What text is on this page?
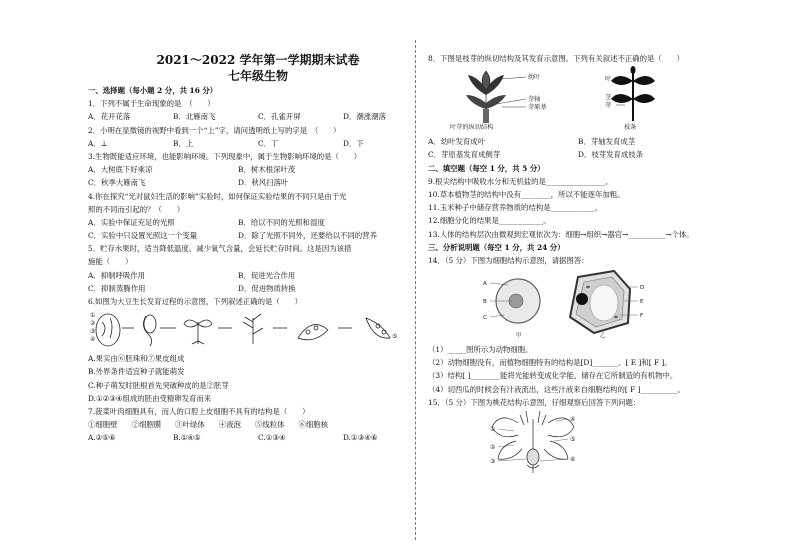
2021～2022 学年第一学期期末试卷
七年级生物
一、选择题（每小题 2 分，共 16 分）
1．下列不属于生命现象的是　（　　）
A．花开花落	B．北雁南飞	C．孔雀开屏	D．潮涨潮落
2．小明在显微镜的视野中看到一个“上”字，请问透明纸上写的字是　（　　）
A．⊥	B．上	C．丅	D．下
3.生物既能适应环境，也能影响环境。下列现象中，属于生物影响环境的是（　　）
A．大树底下好乘凉	B．树木根深叶茂
C．秋季大雁南飞	D．秋风扫落叶
4.你在探究“光对鼠妇生活的影响”实验时，如何保证实验结果的不同只是由于光
照的不同而引起的？（　　）
A．实验中保证充足的光照	B．给以不同的光照和湿度
C．实验中只设置光照这一个变量	D．除了光照不同外，还要给以不同的营养
5．贮存水果时，适当降低温度、减少氧气含量，会延长贮存时间。这是因为该措
施能（　　）
A．抑制呼吸作用	B．促进光合作用
C．抑制蒸腾作用	D．促进物质转换
6.如图为大豆生长发育过程的示意图，下列叙述正确的是（　　）
①
②
③
④	⑤
A.果实由⑥胚珠和⑦果皮组成
B.外界条件适宜种子就能萌发
C.种子萌发时胚根首先突破种皮的是②胚芽
D.①②③④组成的胚由受精卵发育而来
7.菠菜叶肉细胞具有，而人的口腔上皮细胞不具有的结构是（　　）
①细胞壁 ②细胞膜 ③叶绿体 ④液泡 ⑤线粒体 ⑥细胞核
A.②⑤⑥	B.①④⑤	C.①③④	D.①③④⑥
8．下图是枝芽的纵切结构及其发育示意图。下列有关叙述不正确的是（　　）
幼叶
芽轴
芽原基
叶
茎
芽
叶芽的纵切结构	枝条
A．幼叶发育成叶	B．芽轴发育成茎
C．芽原基发育成侧芽	D．枝芽发育成枝条
二、填空题（每空 1 分，共 5 分）
9.根尖结构中吸收水分和无机盐的是________________。
10.草本植物茎的结构中没有________，所以不能逐年加粗。
11.玉米种子中储存营养物质的结构是____________。
12.细胞分化的结果是____________。
13.人体的结构层次由微观到宏观依次为：细胞→组织→器官→__________→个体。
三、分析说明题（每空 1 分，共 24 分）
14．（5 分）下图为细胞结构示意图，请据图答：
A
B
C
D
E
F
甲	乙
（1）_____图所示为动物细胞。
（2）动物细胞没有，而植物细胞特有的结构是[D]_______、[ E ]和[ F ]。
（3）结构[ ]________能将光能转变成化学能，储存在它所制造的有机物中。
（4）切西瓜的时候会有汁液流出，这些汁液来自细胞结构的[ F ]__________。
15．（5 分）下图为桃花结构示意图，仔细观察后回答下列问题：
①
②
③
④
⑤
⑥
